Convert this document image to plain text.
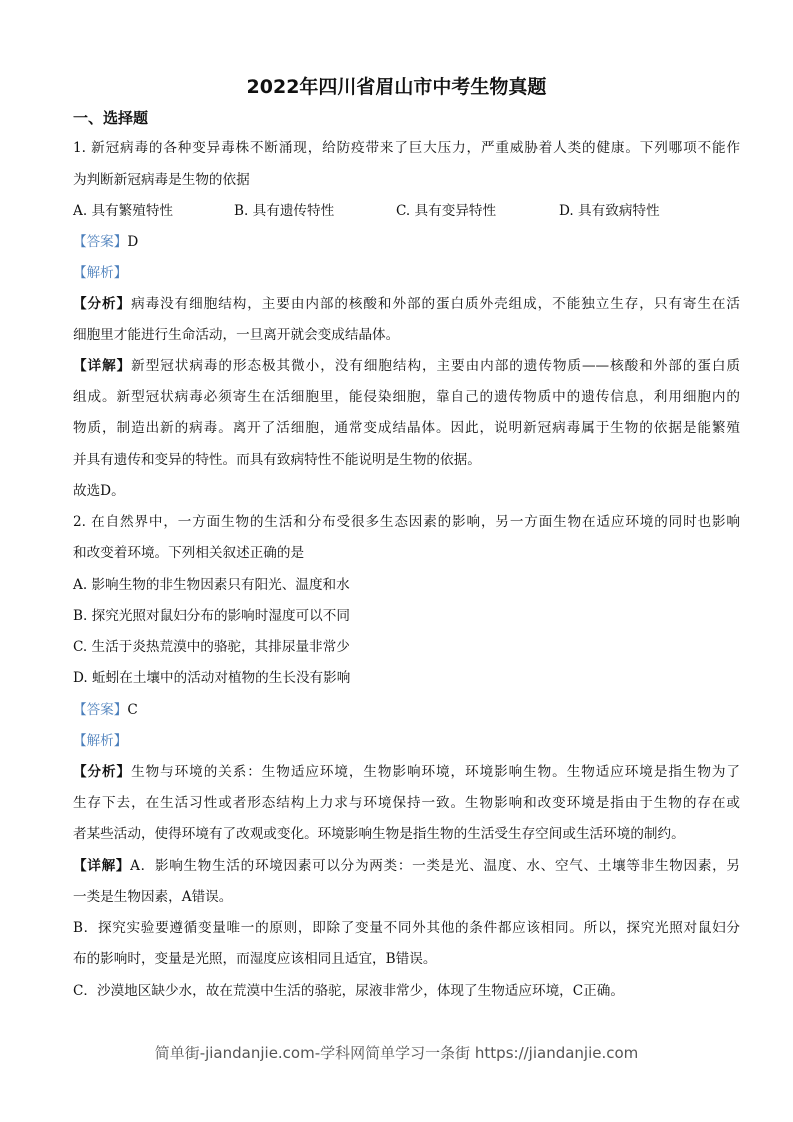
2022年四川省眉山市中考生物真题
一、选择题
1. 新冠病毒的各种变异毒株不断涌现，给防疫带来了巨大压力，严重威胁着人类的健康。下列哪项不能作
为判断新冠病毒是生物的依据
A. 具有繁殖特性	B. 具有遗传特性	C. 具有变异特性	D. 具有致病特性
【答案】D
【解析】
【分析】病毒没有细胞结构，主要由内部的核酸和外部的蛋白质外壳组成，不能独立生存，只有寄生在活
细胞里才能进行生命活动，一旦离开就会变成结晶体。
【详解】新型冠状病毒的形态极其微小，没有细胞结构，主要由内部的遗传物质——核酸和外部的蛋白质
组成。新型冠状病毒必须寄生在活细胞里，能侵染细胞，靠自己的遗传物质中的遗传信息，利用细胞内的
物质，制造出新的病毒。离开了活细胞，通常变成结晶体。因此，说明新冠病毒属于生物的依据是能繁殖
并具有遗传和变异的特性。而具有致病特性不能说明是生物的依据。
故选D。
2. 在自然界中，一方面生物的生活和分布受很多生态因素的影响，另一方面生物在适应环境的同时也影响
和改变着环境。下列相关叙述正确的是
A. 影响生物的非生物因素只有阳光、温度和水
B. 探究光照对鼠妇分布的影响时湿度可以不同
C. 生活于炎热荒漠中的骆驼，其排尿量非常少
D. 蚯蚓在土壤中的活动对植物的生长没有影响
【答案】C
【解析】
【分析】生物与环境的关系：生物适应环境，生物影响环境，环境影响生物。生物适应环境是指生物为了
生存下去，在生活习性或者形态结构上力求与环境保持一致。生物影响和改变环境是指由于生物的存在或
者某些活动，使得环境有了改观或变化。环境影响生物是指生物的生活受生存空间或生活环境的制约。
【详解】A．影响生物生活的环境因素可以分为两类：一类是光、温度、水、空气、土壤等非生物因素，另
一类是生物因素，A错误。
B．探究实验要遵循变量唯一的原则，即除了变量不同外其他的条件都应该相同。所以，探究光照对鼠妇分
布的影响时，变量是光照，而湿度应该相同且适宜，B错误。
C．沙漠地区缺少水，故在荒漠中生活的骆驼，尿液非常少，体现了生物适应环境，C正确。
简单街-jiandanjie.com-学科网简单学习一条街 https://jiandanjie.com
